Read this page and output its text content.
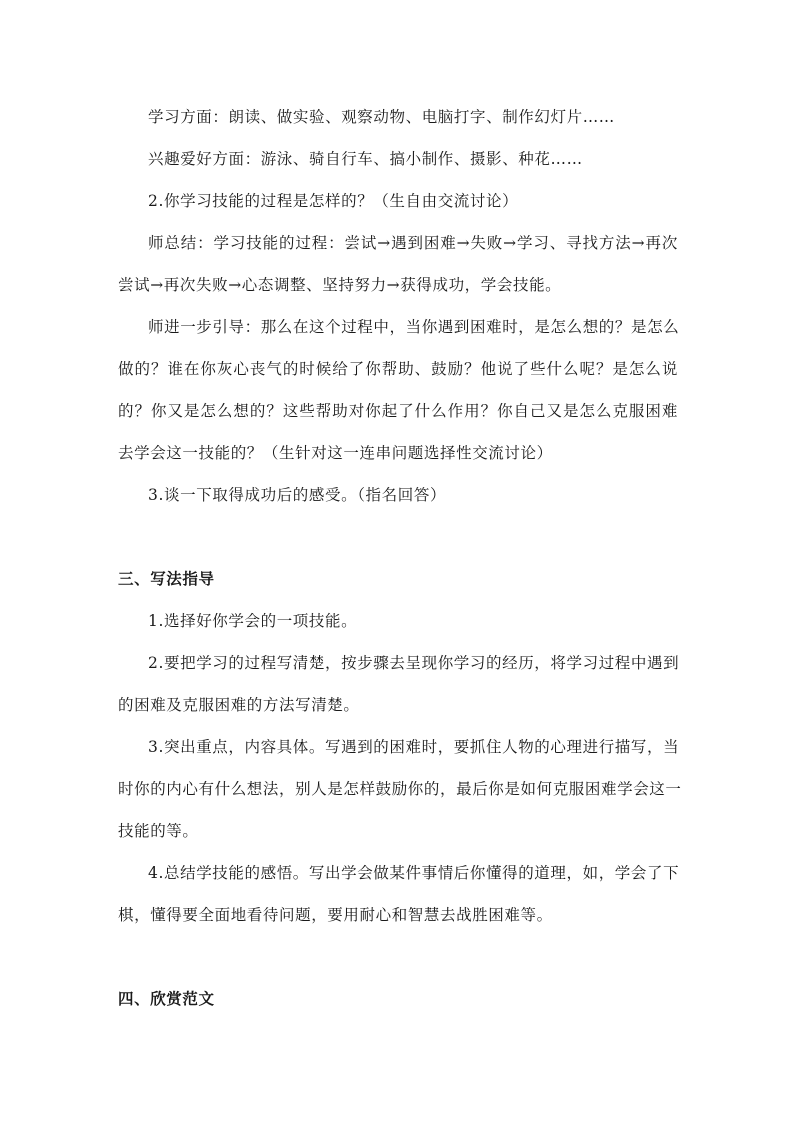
学习方面：朗读、做实验、观察动物、电脑打字、制作幻灯片……
兴趣爱好方面：游泳、骑自行车、搞小制作、摄影、种花……
2.你学习技能的过程是怎样的？（生自由交流讨论）
师总结：学习技能的过程：尝试→遇到困难→失败→学习、寻找方法→再次
尝试→再次失败→心态调整、坚持努力→获得成功，学会技能。
师进一步引导：那么在这个过程中，当你遇到困难时，是怎么想的？是怎么
做的？谁在你灰心丧气的时候给了你帮助、鼓励？他说了些什么呢？是怎么说
的？你又是怎么想的？这些帮助对你起了什么作用？你自己又是怎么克服困难
去学会这一技能的？（生针对这一连串问题选择性交流讨论）
3.谈一下取得成功后的感受。（指名回答）
三、写法指导
1.选择好你学会的一项技能。
2.要把学习的过程写清楚，按步骤去呈现你学习的经历，将学习过程中遇到
的困难及克服困难的方法写清楚。
3.突出重点，内容具体。写遇到的困难时，要抓住人物的心理进行描写，当
时你的内心有什么想法，别人是怎样鼓励你的，最后你是如何克服困难学会这一
技能的等。
4.总结学技能的感悟。写出学会做某件事情后你懂得的道理，如，学会了下
棋，懂得要全面地看待问题，要用耐心和智慧去战胜困难等。
四、欣赏范文
